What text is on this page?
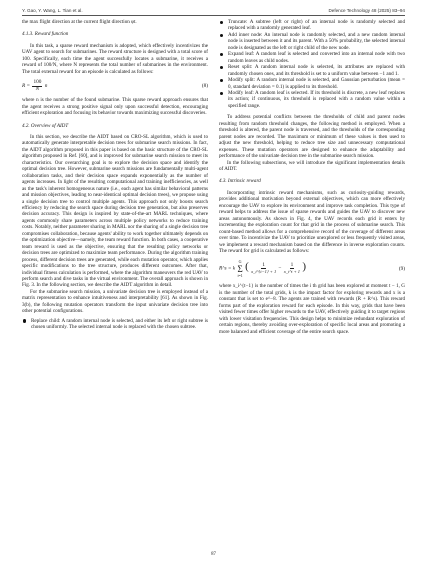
Y. Gao, Y. Wang, L. Tian et al.	Defence Technology 48 (2025) 83–94

the max flight direction at the current flight direction φt.

4.1.3. Reward function

In this task, a sparse reward mechanism is adopted, which effectively incentivizes the UAV agent to search for submarines. The reward structure is designed with a total score of 100. Specifically, each time the agent successfully locates a submarine, it receives a reward of 100/N, where N represents the total number of submarines in the environment. The total external reward for an episode is calculated as follows:

$R = \frac{100}{N}$ n	(8)

where n is the number of the found submarine. This sparse reward approach ensures that the agent receives a strong positive signal only upon successful detection, encouraging efficient exploration and focusing its behavior towards maximizing successful discoveries.

4.2. Overview of AIDT

In this section, we describe the AIDT based on CRO-SL algorithm, which is used to automatically generate interpretable decision trees for submarine search missions. In fact, the AIDT algorithm proposed in this paper is based on the basic structure of the CRO-SL algorithm proposed in Ref. [60], and is improved for submarine search mission to meet its characteristics. Our overarching goal is to explore the decision space and identify the optimal decision tree. However, submarine search missions are fundamentally multi-agent collaboration tasks, and their decision space expands exponentially as the number of agents increases. In light of the resulting computational and training inefficiencies, as well as the task's inherent homogeneous nature (i.e., each agent has similar behavioral patterns and mission objectives, leading to near-identical optimal decision trees), we propose using a single decision tree to control multiple agents. This approach not only boosts search efficiency by reducing the search space during decision tree generation, but also preserves decision accuracy. This design is inspired by state-of-the-art MARL techniques, where agents commonly share parameters across multiple policy networks to reduce training costs. Notably, neither parameter sharing in MARL nor the sharing of a single decision tree compromises collaboration, because agents' ability to work together ultimately depends on the optimization objective—namely, the team reward function. In both cases, a cooperative team reward is used as the objective, ensuring that the resulting policy networks or decision trees are optimized to maximize team performance. During the algorithm training process, different decision trees are generated, while each mutation operator, which applies specific modifications to the tree structure, produces different outcomes. After that, individual fitness calculation is performed, where the algorithm maneuvers the red UAV to perform search and dive tasks in the virtual environment. The overall approach is shown in Fig. 3. In the following section, we describe the AIDT algorithm in detail.

For the submarine search mission, a univariate decision tree is employed instead of a matrix representation to enhance intuitiveness and interpretability [61]. As shown in Fig. 3(b), the following mutation operators transform the input univariate decision tree into other potential configurations.

Replace child: A random internal node is selected, and either its left or right subtree is chosen uniformly. The selected internal node is replaced with the chosen subtree.
Truncate: A subtree (left or right) of an internal node is randomly selected and replaced with a randomly generated leaf.
Add inner node: An internal node is randomly selected, and a new random internal node is inserted between it and its parent. With a 50% probability, the selected internal node is designated as the left or right child of the new node.
Expand leaf: A random leaf is selected and converted into an internal node with two random leaves as child nodes.
Reset split: A random internal node is selected, its attributes are replaced with randomly chosen ones, and its threshold is set to a uniform value between −1 and 1.
Modify split: A random internal node is selected, and Gaussian perturbation (mean = 0, standard deviation = 0.1) is applied to its threshold.
Modify leaf: A random leaf is selected. If its threshold is discrete, a new leaf replaces its action; if continuous, its threshold is replaced with a random value within a specified range.

To address potential conflicts between the thresholds of child and parent nodes resulting from random threshold changes, the following method is employed. When a threshold is altered, the parent node is traversed, and the thresholds of the corresponding parent nodes are recorded. The maximum or minimum of these values is then used to adjust the new threshold, helping to reduce tree size and unnecessary computational expenses. These mutation operators are designed to enhance the adaptability and performance of the univariate decision tree in the submarine search mission.

In the following subsections, we will introduce the significant implementation details of AIDT.

4.3. Intrinsic reward

Incorporating intrinsic reward mechanisms, such as curiosity-guiding rewards, provides additional motivation beyond external objectives, which can more effectively encourage the UAV to explore its environment and improve task completion. This type of reward helps to address the issue of sparse rewards and guides the UAV to discover new areas autonomously. As shown in Fig. 4, the UAV records each grid it enters by incrementing the exploration count for that grid in the process of submarine search. This count-based method allows for a comprehensive record of the coverage of different areas over time. To incentivize the UAV to prioritize unexplored or less frequently visited areas, we implement a reward mechanism based on the difference in inverse exploration counts. The reward for grid is calculated as follows:

R^s = k
G
Σ
i=1
( $\frac{1}{x\_i\^{}\{t-1\} + 1} - \frac{1}{x\_i\^{}t + 1}$ )	(9)

where x_i^{t−1} is the number of times the i th grid has been explored at moment t − 1, G is the number of the total grids, k is the impact factor for exploring rewards and x is a constant that is set to e^−8. The agents are trained with rewards (R + R^s). This reward forms part of the exploration reward for each episode. In this way, grids that have been visited fewer times offer higher rewards to the UAV, effectively guiding it to target regions with lower visitation frequencies. This design helps to minimize redundant exploration of certain regions, thereby avoiding over-exploration of specific local areas and promoting a more balanced and efficient coverage of the entire search space.

87
